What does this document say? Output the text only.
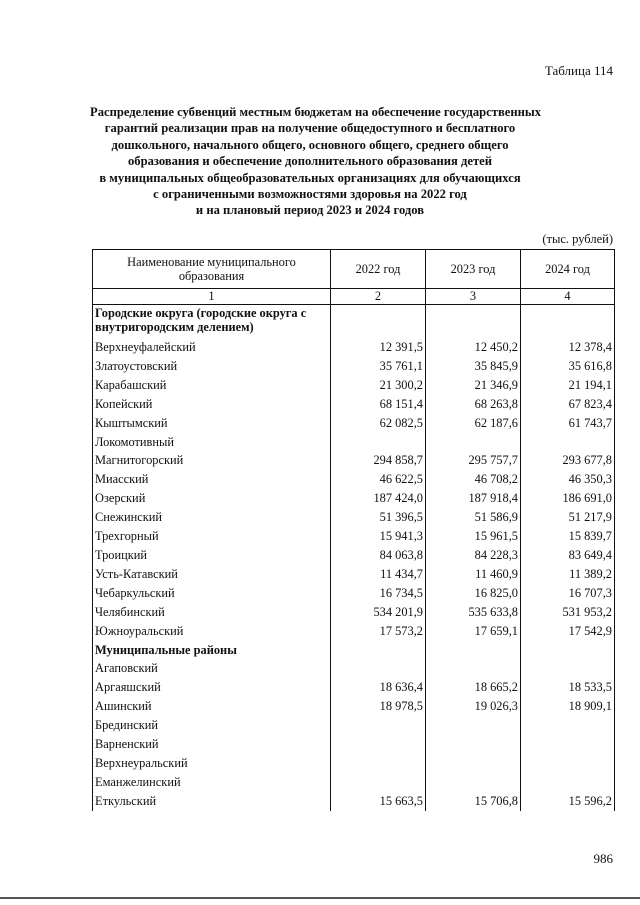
Таблица 114
Распределение субвенций местным бюджетам на обеспечение государственных
гарантий реализации прав на получение общедоступного и бесплатного
дошкольного, начального общего, основного общего, среднего общего
образования и обеспечение дополнительного образования детей
в муниципальных общеобразовательных организациях для обучающихся
с ограниченными возможностями здоровья на 2022 год
и на плановый период 2023 и 2024 годов
(тыс. рублей)
Наименование муниципального образования	2022 год	2023 год	2024 год
1	2	3	4
Городские округа (городские округа с внутригородским делением)			
Верхнеуфалейский	12 391,5	12 450,2	12 378,4
Златоустовский	35 761,1	35 845,9	35 616,8
Карабашский	21 300,2	21 346,9	21 194,1
Копейский	68 151,4	68 263,8	67 823,4
Кыштымский	62 082,5	62 187,6	61 743,7
Локомотивный			
Магнитогорский	294 858,7	295 757,7	293 677,8
Миасский	46 622,5	46 708,2	46 350,3
Озерский	187 424,0	187 918,4	186 691,0
Снежинский	51 396,5	51 586,9	51 217,9
Трехгорный	15 941,3	15 961,5	15 839,7
Троицкий	84 063,8	84 228,3	83 649,4
Усть-Катавский	11 434,7	11 460,9	11 389,2
Чебаркульский	16 734,5	16 825,0	16 707,3
Челябинский	534 201,9	535 633,8	531 953,2
Южноуральский	17 573,2	17 659,1	17 542,9
Муниципальные районы			
Агаповский			
Аргаяшский	18 636,4	18 665,2	18 533,5
Ашинский	18 978,5	19 026,3	18 909,1
Брединский			
Варненский			
Верхнеуральский			
Еманжелинский			
Еткульский	15 663,5	15 706,8	15 596,2
986
